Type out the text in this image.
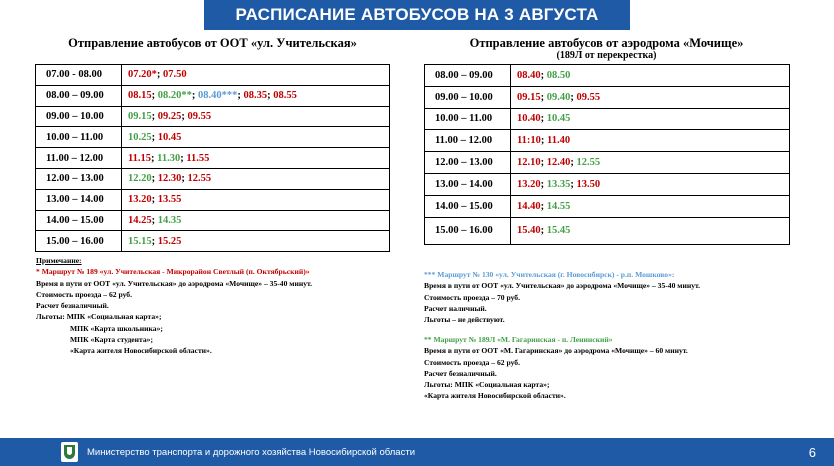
РАСПИСАНИЕ АВТОБУСОВ НА 3 АВГУСТА
Отправление автобусов от ООТ «ул. Учительская»	Отправление автобусов от аэродрома «Мочище»
(189Л от перекрестка)
07.00 - 08.00	07.20*; 07.50
08.00 – 09.00	08.15; 08.20**; 08.40***; 08.35; 08.55
09.00 – 10.00	09.15; 09.25; 09.55
10.00 – 11.00	10.25; 10.45
11.00 – 12.00	11.15; 11.30; 11.55
12.00 – 13.00	12.20; 12.30; 12.55
13.00 – 14.00	13.20; 13.55
14.00 – 15.00	14.25; 14.35
15.00 – 16.00	15.15; 15.25
08.00 – 09.00	08.40; 08.50
09.00 – 10.00	09.15; 09.40; 09.55
10.00 – 11.00	10.40; 10.45
11.00 – 12.00	11:10; 11.40
12.00 – 13.00	12.10; 12.40; 12.55
13.00 – 14.00	13.20; 13.35; 13.50
14.00 – 15.00	14.40; 14.55
15.00 – 16.00	15.40; 15.45
Примечание:
* Маршрут № 189 «ул. Учительская - Микрорайон Светлый (п. Октябрьский)»
Время в пути от ООТ «ул. Учительская» до аэродрома «Мочище» – 35-40 минут.
Стоимость проезда – 62 руб.
Расчет безналичный.
Льготы: МПК «Социальная карта»;
МПК «Карта школьника»;
МПК «Карта студента»;
«Карта жителя Новосибирской области».
*** Маршрут № 130 «ул. Учительская (г. Новосибирск) - р.п. Мошково»:
Время в пути от ООТ «ул. Учительская» до аэродрома «Мочище» – 35-40 минут.
Стоимость проезда – 70 руб.
Расчет наличный.
Льготы – не действуют.
** Маршрут № 189Л «М. Гагаринская - п. Ленинский»
Время в пути от ООТ «М. Гагаринская» до аэродрома «Мочище» – 60 минут.
Стоимость проезда – 62 руб.
Расчет безналичный.
Льготы: МПК «Социальная карта»;
«Карта жителя Новосибирской области».
Министерство транспорта и дорожного хозяйства Новосибирской области	6
